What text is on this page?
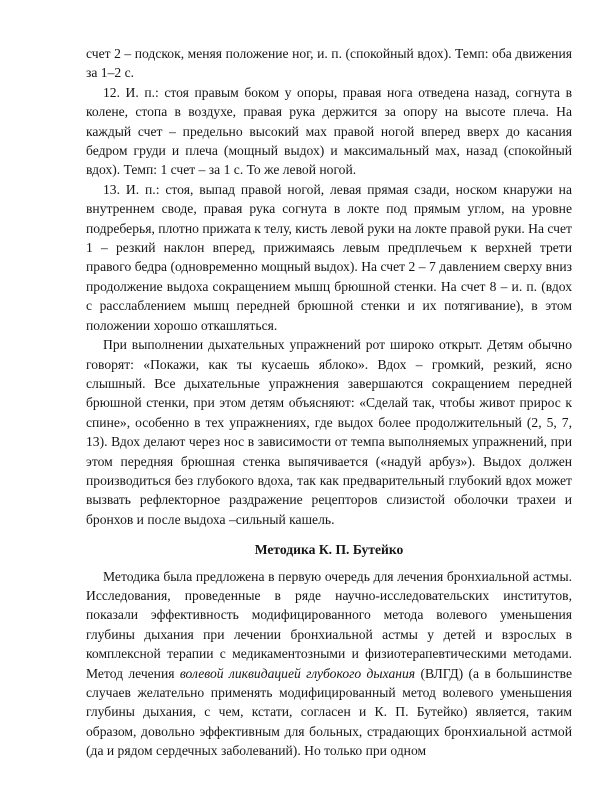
счет 2 – подскок, меняя положение ног, и. п. (спокойный вдох). Темп: оба движения за 1–2 с.

12. И. п.: стоя правым боком у опоры, правая нога отведена назад, согнута в колене, стопа в воздухе, правая рука держится за опору на высоте плеча. На каждый счет – предельно высокий мах правой ногой вперед вверх до касания бедром груди и плеча (мощный выдох) и максимальный мах, назад (спокойный вдох). Темп: 1 счет – за 1 с. То же левой ногой.

13. И. п.: стоя, выпад правой ногой, левая прямая сзади, носком кнаружи на внутреннем своде, правая рука согнута в локте под прямым углом, на уровне подреберья, плотно прижата к телу, кисть левой руки на локте правой руки. На счет 1 – резкий наклон вперед, прижимаясь левым предплечьем к верхней трети правого бедра (одновременно мощный выдох). На счет 2 – 7 давлением сверху вниз продолжение выдоха сокращением мышц брюшной стенки. На счет 8 – и. п. (вдох с расслаблением мышц передней брюшной стенки и их потягивание), в этом положении хорошо откашляться.

При выполнении дыхательных упражнений рот широко открыт. Детям обычно говорят: «Покажи, как ты кусаешь яблоко». Вдох – громкий, резкий, ясно слышный. Все дыхательные упражнения завершаются сокращением передней брюшной стенки, при этом детям объясняют: «Сделай так, чтобы живот прирос к спине», особенно в тех упражнениях, где выдох более продолжительный (2, 5, 7, 13). Вдох делают через нос в зависимости от темпа выполняемых упражнений, при этом передняя брюшная стенка выпячивается («надуй арбуз»). Выдох должен производиться без глубокого вдоха, так как предварительный глубокий вдох может вызвать рефлекторное раздражение рецепторов слизистой оболочки трахеи и бронхов и после выдоха –сильный кашель.

Методика К. П. Бутейко

Методика была предложена в первую очередь для лечения бронхиальной астмы. Исследования, проведенные в ряде научно-исследовательских институтов, показали эффективность модифицированного метода волевого уменьшения глубины дыхания при лечении бронхиальной астмы у детей и взрослых в комплексной терапии с медикаментозными и физиотерапевтическими методами. Метод лечения волевой ликвидацией глубокого дыхания (ВЛГД) (а в большинстве случаев желательно применять модифицированный метод волевого уменьшения глубины дыхания, с чем, кстати, согласен и К. П. Бутейко) является, таким образом, довольно эффективным для больных, страдающих бронхиальной астмой (да и рядом сердечных заболеваний). Но только при одном
